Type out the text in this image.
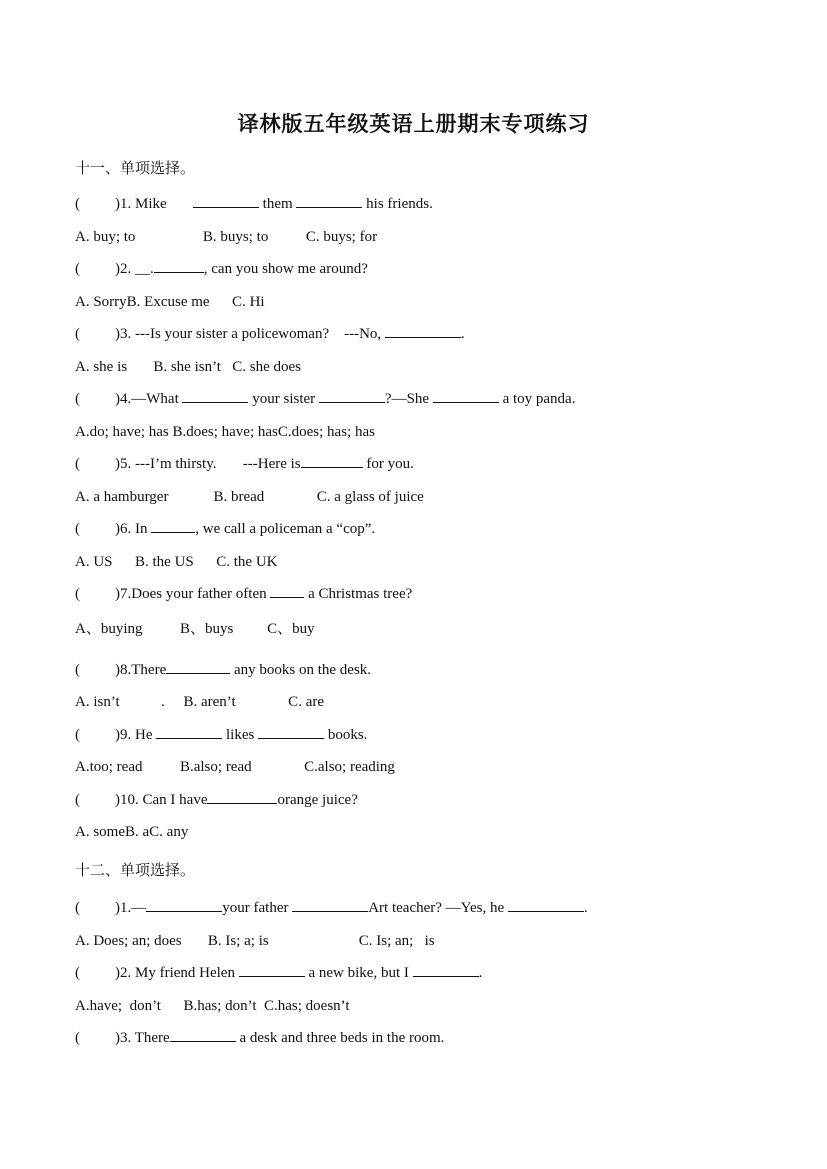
译林版五年级英语上册期末专项练习
十一、单项选择。
( )1. Mike	them	his friends.
A. buy; to                  B. buys; to          C. buys; for
( )2. __.	, can you show me around?
A. SorryB. Excuse me      C. Hi
( )3. ---Is your sister a policewoman?    ---No,	.
A. she is       B. she isn’t   C. she does
( )4.—What	your sister	?—She	a toy panda.
A.do; have; has B.does; have; hasC.does; has; has
( )5. ---I’m thirsty.       ---Here is	for you.
A. a hamburger            B. bread              C. a glass of juice
( )6. In	, we call a policeman a “cop”.
A. US      B. the US      C. the UK
( )7.Does your father often  a Christmas tree?
A、buying          B、buys         C、buy
( )8.There	any books on the desk.
A. isn’t           .     B. aren’t              C. are
( )9. He	likes	books.
A.too; read          B.also; read              C.also; reading
( )10. Can I have	orange juice?
A. someB. aC. any
十二、单项选择。
( )1.—	your father	Art teacher? —Yes, he	.
A. Does; an; does       B. Is; a; is                        C. Is; an;   is
( )2. My friend Helen	a new bike, but I	.
A.have;  don’t      B.has; don’t  C.has; doesn’t
( )3. There	a desk and three beds in the room.
